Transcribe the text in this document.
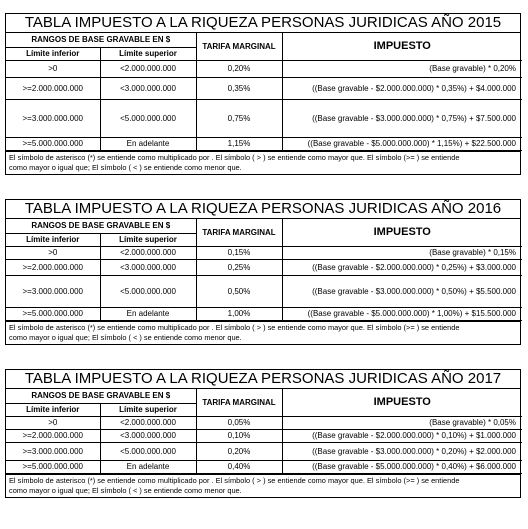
TABLA IMPUESTO A LA RIQUEZA PERSONAS JURIDICAS AÑO 2015
RANGOS DE BASE GRAVABLE EN $		TARIFA MARGINAL	IMPUESTO
Límite inferior	Límite superior		
>0	<2.000.000.000	0,20%	(Base gravable) * 0,20%
>=2.000.000.000	<3.000.000.000	0,35%	((Base gravable - $2.000.000.000) * 0,35%) + $4.000.000
>=3.000.000.000	<5.000.000.000	0,75%	((Base gravable - $3.000.000.000) * 0,75%) + $7.500.000
>=5.000.000.000	En adelante	1,15%	((Base gravable - $5.000.000.000) * 1,15%) + $22.500.000
El símbolo de asterisco (*) se entiende como multiplicado por . El símbolo ( > ) se entiende como mayor que. El símbolo (>= ) se entiende
como mayor o igual que; El símbolo ( < ) se entiende como menor que.
TABLA IMPUESTO A LA RIQUEZA PERSONAS JURIDICAS AÑO 2016
RANGOS DE BASE GRAVABLE EN $		TARIFA MARGINAL	IMPUESTO
Límite inferior	Límite superior		
>0	<2.000.000.000	0,15%	(Base gravable) * 0,15%
>=2.000.000.000	<3.000.000.000	0,25%	((Base gravable - $2.000.000.000) * 0,25%) + $3.000.000
>=3.000.000.000	<5.000.000.000	0,50%	((Base gravable - $3.000.000.000) * 0,50%) + $5.500.000
>=5.000.000.000	En adelante	1,00%	((Base gravable - $5.000.000.000) * 1,00%) + $15.500.000
El símbolo de asterisco (*) se entiende como multiplicado por . El símbolo ( > ) se entiende como mayor que. El símbolo (>= ) se entiende
como mayor o igual que; El símbolo ( < ) se entiende como menor que.
TABLA IMPUESTO A LA RIQUEZA PERSONAS JURIDICAS AÑO 2017
RANGOS DE BASE GRAVABLE EN $		TARIFA MARGINAL	IMPUESTO
Límite inferior	Límite superior		
>0	<2.000.000.000	0,05%	(Base gravable) * 0,05%
>=2.000.000.000	<3.000.000.000	0,10%	((Base gravable - $2.000.000.000) * 0,10%) + $1.000.000
>=3.000.000.000	<5.000.000.000	0,20%	((Base gravable - $3.000.000.000) * 0,20%) + $2.000.000
>=5.000.000.000	En adelante	0,40%	((Base gravable - $5.000.000.000) * 0,40%) + $6.000.000
El símbolo de asterisco (*) se entiende como multiplicado por . El símbolo ( > ) se entiende como mayor que. El símbolo (>= ) se entiende
como mayor o igual que; El símbolo ( < ) se entiende como menor que.
